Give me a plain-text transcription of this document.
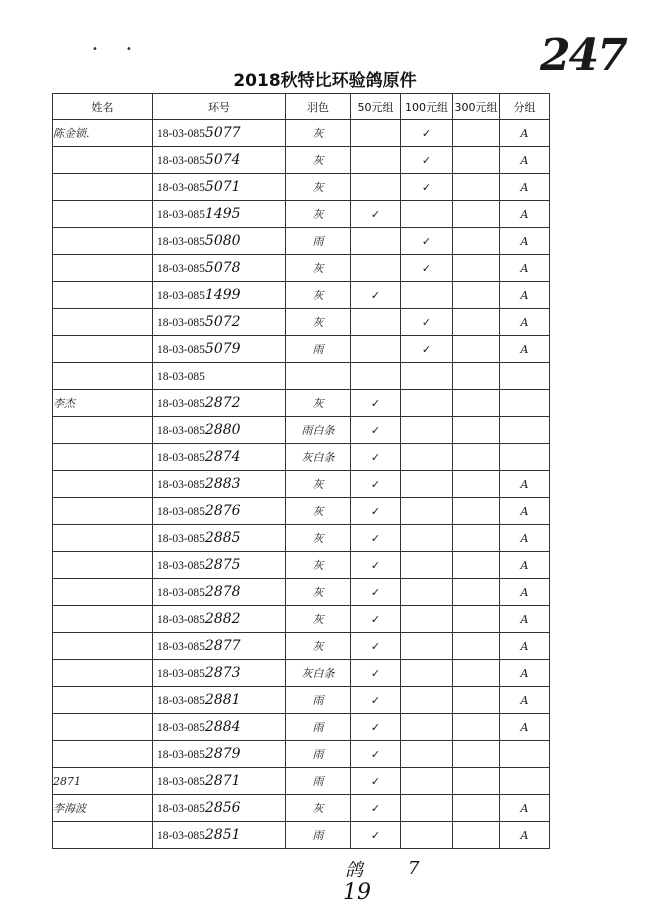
•	•	247
2018秋特比环验鸽原件
姓名	环号	羽色	50元组	100元组	300元组	分组
陈金锁.	18-03-0855077	灰		✓		A
	18-03-0855074	灰		✓		A
	18-03-0855071	灰		✓		A
	18-03-0851495	灰	✓			A
	18-03-0855080	雨		✓		A
	18-03-0855078	灰		✓		A
	18-03-0851499	灰	✓			A
	18-03-0855072	灰		✓		A
	18-03-0855079	雨		✓		A
	18-03-085					
李杰	18-03-0852872	灰	✓			
	18-03-0852880	雨白条	✓			
	18-03-0852874	灰白条	✓			
	18-03-0852883	灰	✓			A
	18-03-0852876	灰	✓			A
	18-03-0852885	灰	✓			A
	18-03-0852875	灰	✓			A
	18-03-0852878	灰	✓			A
	18-03-0852882	灰	✓			A
	18-03-0852877	灰	✓			A
	18-03-0852873	灰白条	✓			A
	18-03-0852881	雨	✓			A
	18-03-0852884	雨	✓			A
	18-03-0852879	雨	✓			
2871	18-03-0852871	雨	✓			
李海波	18-03-0852856	灰	✓			A
	18-03-0852851	雨	✓			A
鸽	7
19
